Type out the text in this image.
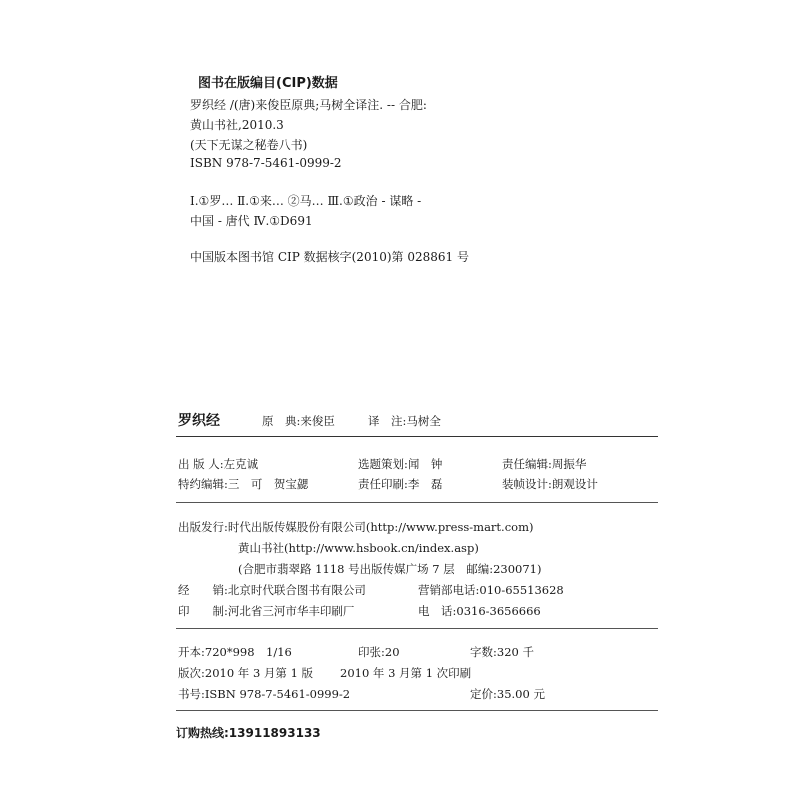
图书在版编目(CIP)数据
罗织经 /(唐)来俊臣原典;马树全译注. -- 合肥:
黄山书社,2010.3
(天下无谋之秘卷八书)
ISBN 978-7-5461-0999-2
Ⅰ.①罗… Ⅱ.①来… ②马… Ⅲ.①政治 - 谋略 -
中国 - 唐代 Ⅳ.①D691
中国版本图书馆 CIP 数据核字(2010)第 028861 号
罗织经	原　典:来俊臣	译　注:马树全
出 版 人:左克诚	选题策划:闻　钟	责任编辑:周振华
特约编辑:三　可　贺宝勰	责任印刷:李　磊	装帧设计:朗观设计
出版发行:时代出版传媒股份有限公司(http://www.press-mart.com)
黄山书社(http://www.hsbook.cn/index.asp)
(合肥市翡翠路 1118 号出版传媒广场 7 层　邮编:230071)
经　　销:北京时代联合图书有限公司	营销部电话:010-65513628
印　　制:河北省三河市华丰印刷厂	电　话:0316-3656666
开本:720*998　1/16	印张:20	字数:320 千
版次:2010 年 3 月第 1 版 2010 年 3 月第 1 次印刷
书号:ISBN 978-7-5461-0999-2	定价:35.00 元
订购热线:13911893133
